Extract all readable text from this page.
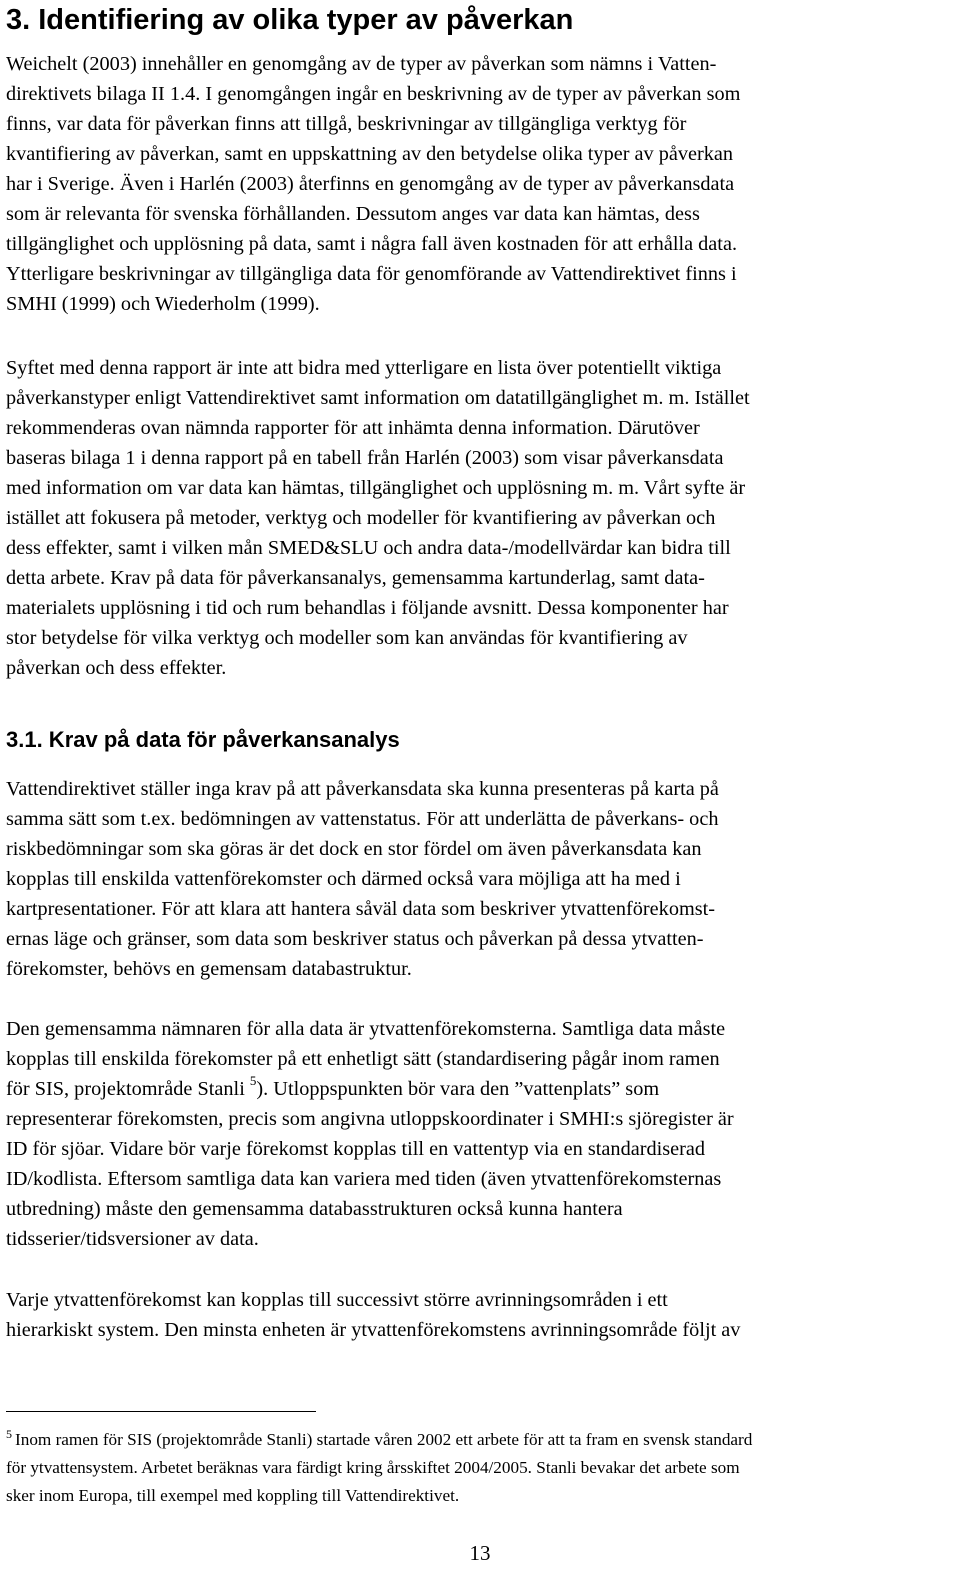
3. Identifiering av olika typer av påverkan

Weichelt (2003) innehåller en genomgång av de typer av påverkan som nämns i Vatten-
direktivets bilaga II 1.4. I genomgången ingår en beskrivning av de typer av påverkan som
finns, var data för påverkan finns att tillgå, beskrivningar av tillgängliga verktyg för
kvantifiering av påverkan, samt en uppskattning av den betydelse olika typer av påverkan
har i Sverige. Även i Harlén (2003) återfinns en genomgång av de typer av påverkansdata
som är relevanta för svenska förhållanden. Dessutom anges var data kan hämtas, dess
tillgänglighet och upplösning på data, samt i några fall även kostnaden för att erhålla data.
Ytterligare beskrivningar av tillgängliga data för genomförande av Vattendirektivet finns i
SMHI (1999) och Wiederholm (1999).

Syftet med denna rapport är inte att bidra med ytterligare en lista över potentiellt viktiga
påverkanstyper enligt Vattendirektivet samt information om datatillgänglighet m. m. Istället
rekommenderas ovan nämnda rapporter för att inhämta denna information. Därutöver
baseras bilaga 1 i denna rapport på en tabell från Harlén (2003) som visar påverkansdata
med information om var data kan hämtas, tillgänglighet och upplösning m. m. Vårt syfte är
istället att fokusera på metoder, verktyg och modeller för kvantifiering av påverkan och
dess effekter, samt i vilken mån SMED&SLU och andra data-/modellvärdar kan bidra till
detta arbete. Krav på data för påverkansanalys, gemensamma kartunderlag, samt data-
materialets upplösning i tid och rum behandlas i följande avsnitt. Dessa komponenter har
stor betydelse för vilka verktyg och modeller som kan användas för kvantifiering av
påverkan och dess effekter.

3.1. Krav på data för påverkansanalys

Vattendirektivet ställer inga krav på att påverkansdata ska kunna presenteras på karta på
samma sätt som t.ex. bedömningen av vattenstatus. För att underlätta de påverkans- och
riskbedömningar som ska göras är det dock en stor fördel om även påverkansdata kan
kopplas till enskilda vattenförekomster och därmed också vara möjliga att ha med i
kartpresentationer. För att klara att hantera såväl data som beskriver ytvattenförekomst-
ernas läge och gränser, som data som beskriver status och påverkan på dessa ytvatten-
förekomster, behövs en gemensam databastruktur.

Den gemensamma nämnaren för alla data är ytvattenförekomsterna. Samtliga data måste
kopplas till enskilda förekomster på ett enhetligt sätt (standardisering pågår inom ramen
för SIS, projektområde Stanli $^5$). Utloppspunkten bör vara den ”vattenplats” som
representerar förekomsten, precis som angivna utloppskoordinater i SMHI:s sjöregister är
ID för sjöar. Vidare bör varje förekomst kopplas till en vattentyp via en standardiserad
ID/kodlista. Eftersom samtliga data kan variera med tiden (även ytvattenförekomsternas
utbredning) måste den gemensamma databasstrukturen också kunna hantera
tidsserier/tidsversioner av data.

Varje ytvattenförekomst kan kopplas till successivt större avrinningsområden i ett
hierarkiskt system. Den minsta enheten är ytvattenförekomstens avrinningsområde följt av

$^5$ Inom ramen för SIS (projektområde Stanli) startade våren 2002 ett arbete för att ta fram en svensk standard
för ytvattensystem. Arbetet beräknas vara färdigt kring årsskiftet 2004/2005. Stanli bevakar det arbete som
sker inom Europa, till exempel med koppling till Vattendirektivet.

13
